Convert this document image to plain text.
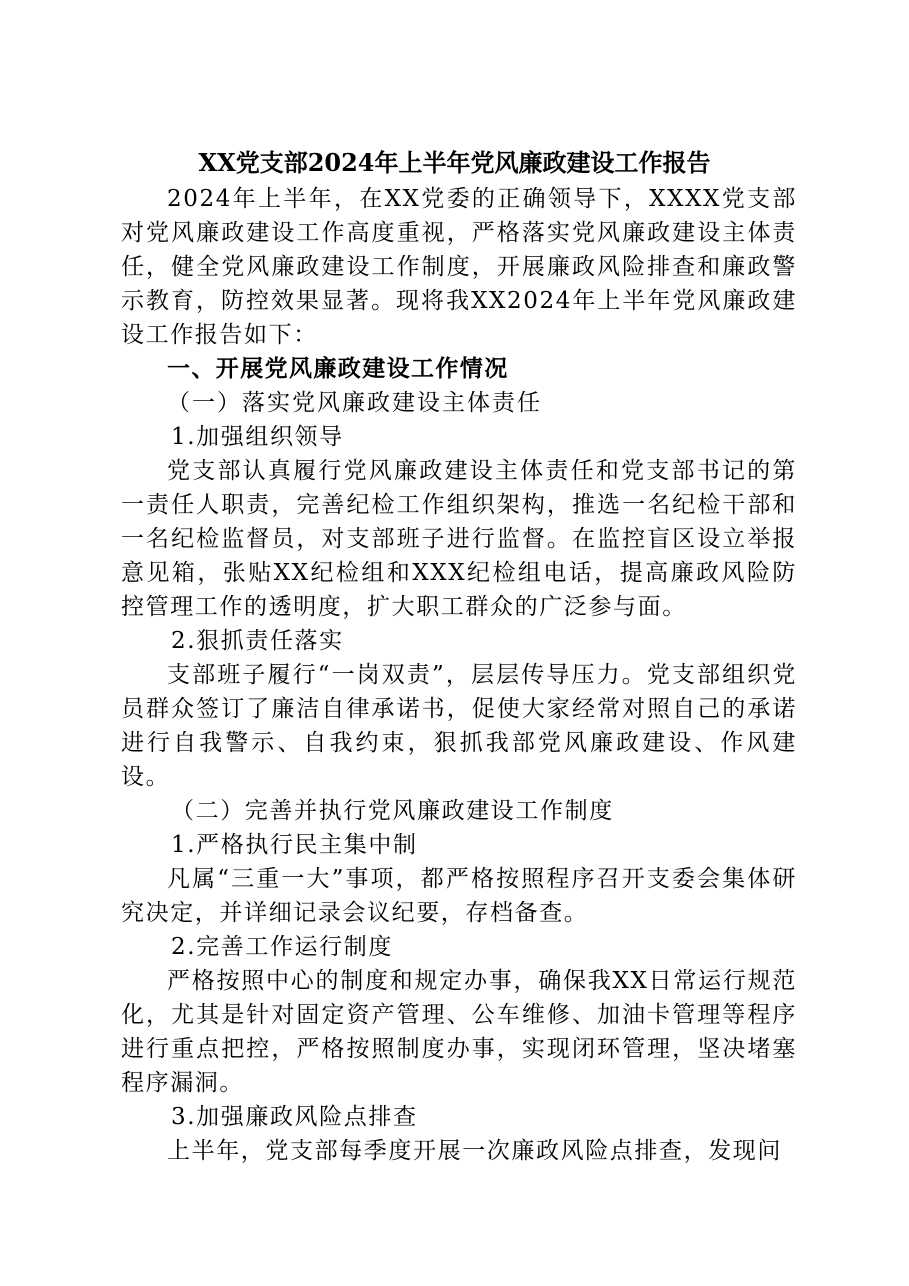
XX党支部2024年上半年党风廉政建设工作报告

2024年上半年，在XX党委的正确领导下，XXXX党支部对党风廉政建设工作高度重视，严格落实党风廉政建设主体责任，健全党风廉政建设工作制度，开展廉政风险排查和廉政警示教育，防控效果显著。现将我XX2024年上半年党风廉政建设工作报告如下：

一、开展党风廉政建设工作情况

（一）落实党风廉政建设主体责任

1.加强组织领导

党支部认真履行党风廉政建设主体责任和党支部书记的第一责任人职责，完善纪检工作组织架构，推选一名纪检干部和一名纪检监督员，对支部班子进行监督。在监控盲区设立举报意见箱，张贴XX纪检组和XXX纪检组电话，提高廉政风险防控管理工作的透明度，扩大职工群众的广泛参与面。

2.狠抓责任落实

支部班子履行“一岗双责”，层层传导压力。党支部组织党员群众签订了廉洁自律承诺书，促使大家经常对照自己的承诺进行自我警示、自我约束，狠抓我部党风廉政建设、作风建设。

（二）完善并执行党风廉政建设工作制度

1.严格执行民主集中制

凡属“三重一大”事项，都严格按照程序召开支委会集体研究决定，并详细记录会议纪要，存档备查。

2.完善工作运行制度

严格按照中心的制度和规定办事，确保我XX日常运行规范化，尤其是针对固定资产管理、公车维修、加油卡管理等程序进行重点把控，严格按照制度办事，实现闭环管理，坚决堵塞程序漏洞。

3.加强廉政风险点排查

上半年，党支部每季度开展一次廉政风险点排查，发现问
